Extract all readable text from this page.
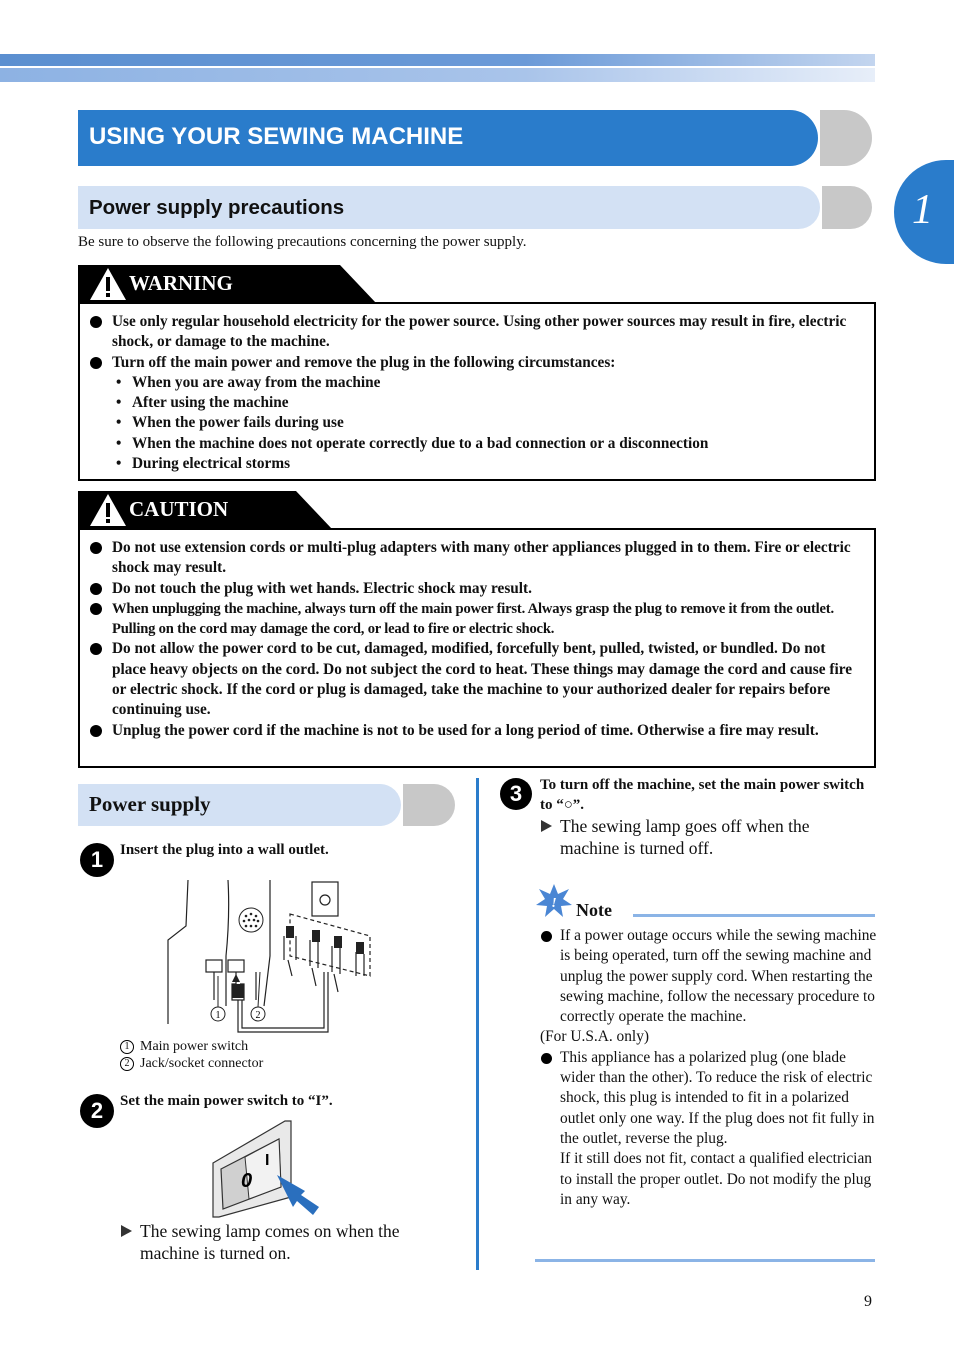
USING YOUR SEWING MACHINE
1
Power supply precautions
Be sure to observe the following precautions concerning the power supply.
WARNING
Use only regular household electricity for the power source. Using other power sources may result in fire, electric shock, or damage to the machine.
Turn off the main power and remove the plug in the following circumstances:
• When you are away from the machine
• After using the machine
• When the power fails during use
• When the machine does not operate correctly due to a bad connection or a disconnection
• During electrical storms
CAUTION
Do not use extension cords or multi-plug adapters with many other appliances plugged in to them. Fire or electric shock may result.
Do not touch the plug with wet hands. Electric shock may result.
When unplugging the machine, always turn off the main power first. Always grasp the plug to remove it from the outlet. Pulling on the cord may damage the cord, or lead to fire or electric shock.
Do not allow the power cord to be cut, damaged, modified, forcefully bent, pulled, twisted, or bundled. Do not place heavy objects on the cord. Do not subject the cord to heat. These things may damage the cord and cause fire or electric shock. If the cord or plug is damaged, take the machine to your authorized dealer for repairs before continuing use.
Unplug the power cord if the machine is not to be used for a long period of time. Otherwise a fire may result.
Power supply
1	Insert the plug into a wall outlet.
1	2
1 Main power switch
2 Jack/socket connector
2	Set the main power switch to “I”.
0
I
The sewing lamp comes on when the machine is turned on.
3	To turn off the machine, set the main power switch to “○”.
The sewing lamp goes off when the machine is turned off.
! Note
If a power outage occurs while the sewing machine is being operated, turn off the sewing machine and unplug the power supply cord. When restarting the sewing machine, follow the necessary procedure to correctly operate the machine.
(For U.S.A. only)
This appliance has a polarized plug (one blade wider than the other). To reduce the risk of electric shock, this plug is intended to fit in a polarized outlet only one way. If the plug does not fit fully in the outlet, reverse the plug.
If it still does not fit, contact a qualified electrician to install the proper outlet. Do not modify the plug in any way.
9
